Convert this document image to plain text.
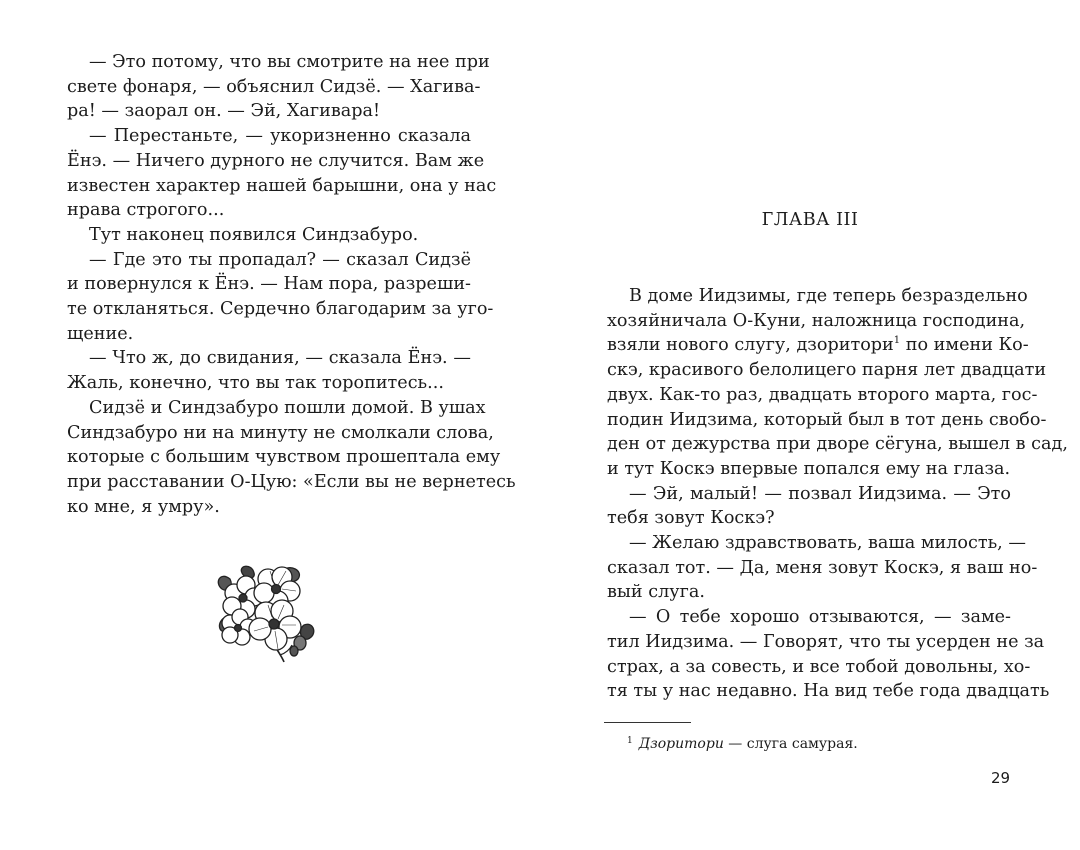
— Это потому, что вы смотрите на нее при
свете фонаря, — объяснил Сидзё. — Хагива-
ра! — заорал он. — Эй, Хагивара!
— Перестаньте, — укоризненно сказала
Ёнэ. — Ничего дурного не случится. Вам же
известен характер нашей барышни, она у нас
нрава строгого...
Тут наконец появился Синдзабуро.
— Где это ты пропадал? — сказал Сидзё
и повернулся к Ёнэ. — Нам пора, разреши-
те откланяться. Сердечно благодарим за уго-
щение.
— Что ж, до свидания, — сказала Ёнэ. —
Жаль, конечно, что вы так торопитесь...
Сидзё и Синдзабуро пошли домой. В ушах
Синдзабуро ни на минуту не смолкали слова,
которые с большим чувством прошептала ему
при расставании О-Цую: «Если вы не вернетесь
ко мне, я умру».
ГЛАВА III
В доме Иидзимы, где теперь безраздельно
хозяйничала О-Куни, наложница господина,
взяли нового слугу, дзоритори$^1$ по имени Ко-
скэ, красивого белолицего парня лет двадцати
двух. Как-то раз, двадцать второго марта, гос-
подин Иидзима, который был в тот день свобо-
ден от дежурства при дворе сёгуна, вышел в сад,
и тут Коскэ впервые попался ему на глаза.
— Эй, малый! — позвал Иидзима. — Это
тебя зовут Коскэ?
— Желаю здравствовать, ваша милость, —
сказал тот. — Да, меня зовут Коскэ, я ваш но-
вый слуга.
— О тебе хорошо отзываются, — заме-
тил Иидзима. — Говорят, что ты усерден не за
страх, а за совесть, и все тобой довольны, хо-
тя ты у нас недавно. На вид тебе года двадцать
$^1$ Дзоритори — слуга самурая.
29
